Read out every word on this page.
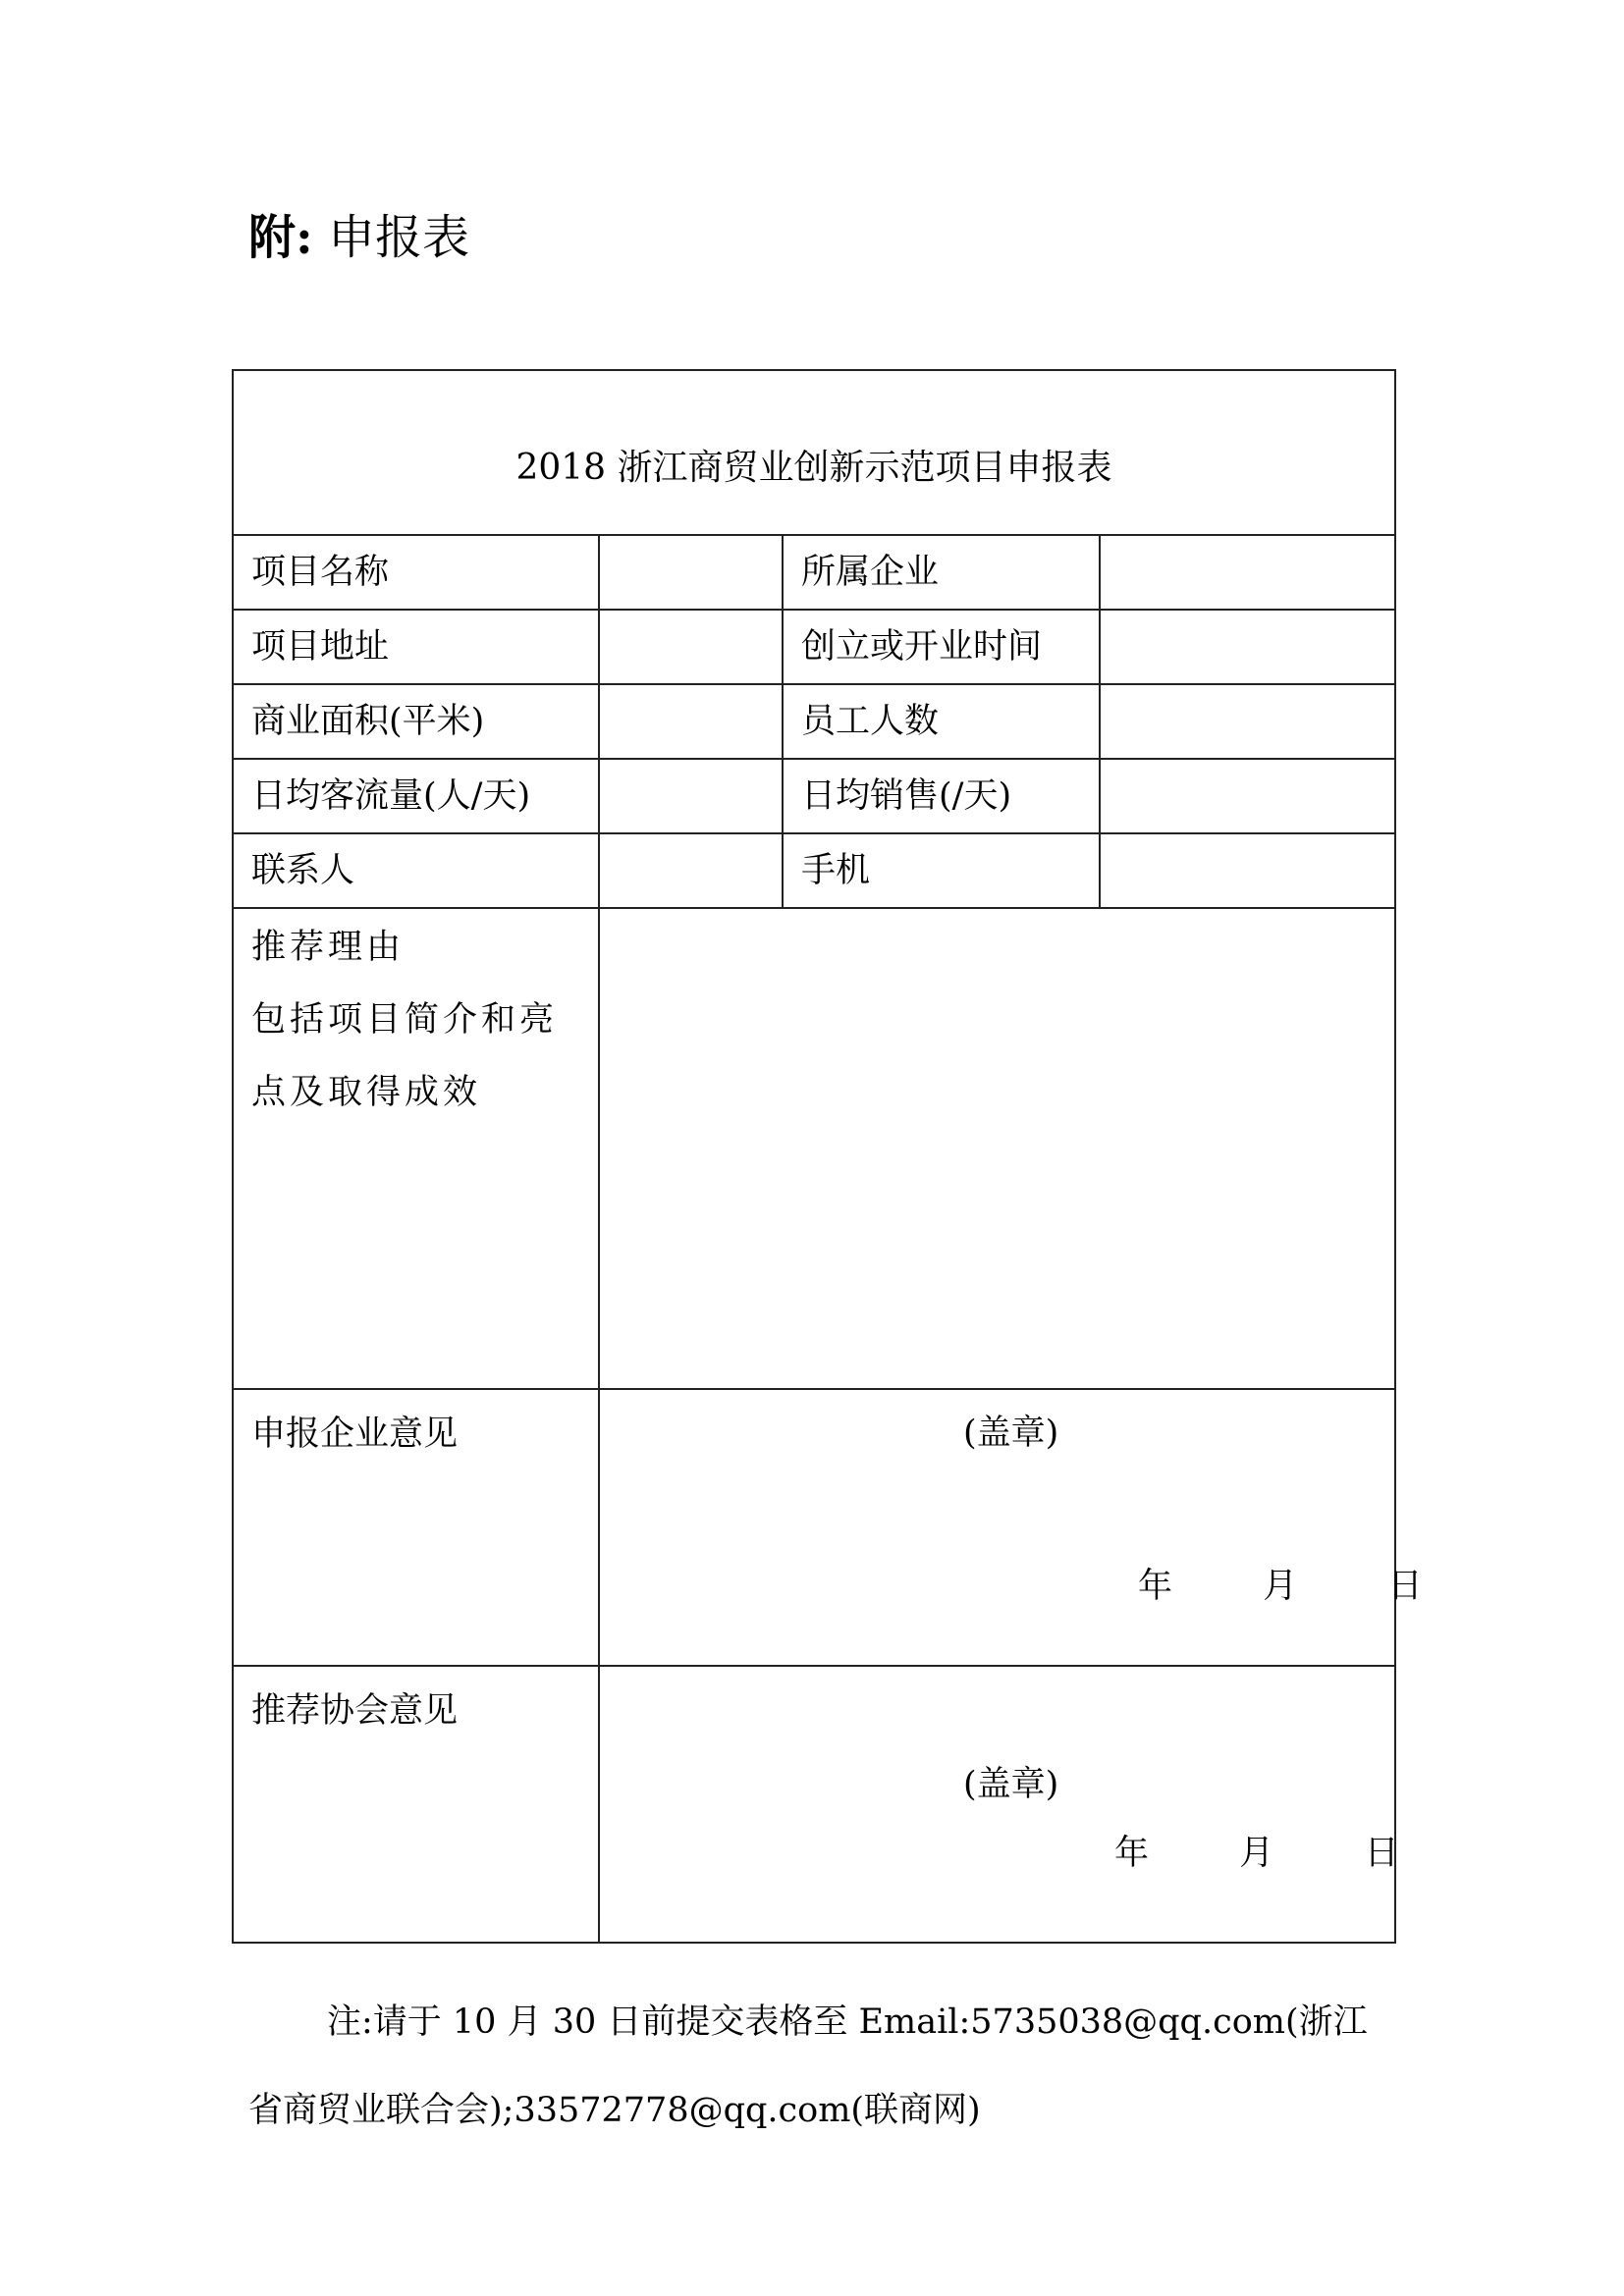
附: 申报表
2018 浙江商贸业创新示范项目申报表			
项目名称		所属企业	
项目地址		创立或开业时间	
商业面积(平米)		员工人数	
日均客流量(人/天)		日均销售(/天)	
联系人		手机	

推荐理由
包括项目简介和亮
点及取得成效			

申报企业意见	(盖章)
年 月 日		

推荐协会意见	(盖章)
年 月 日		
注:请于 10 月 30 日前提交表格至 Email:5735038@qq.com(浙江
省商贸业联合会);33572778@qq.com(联商网)
